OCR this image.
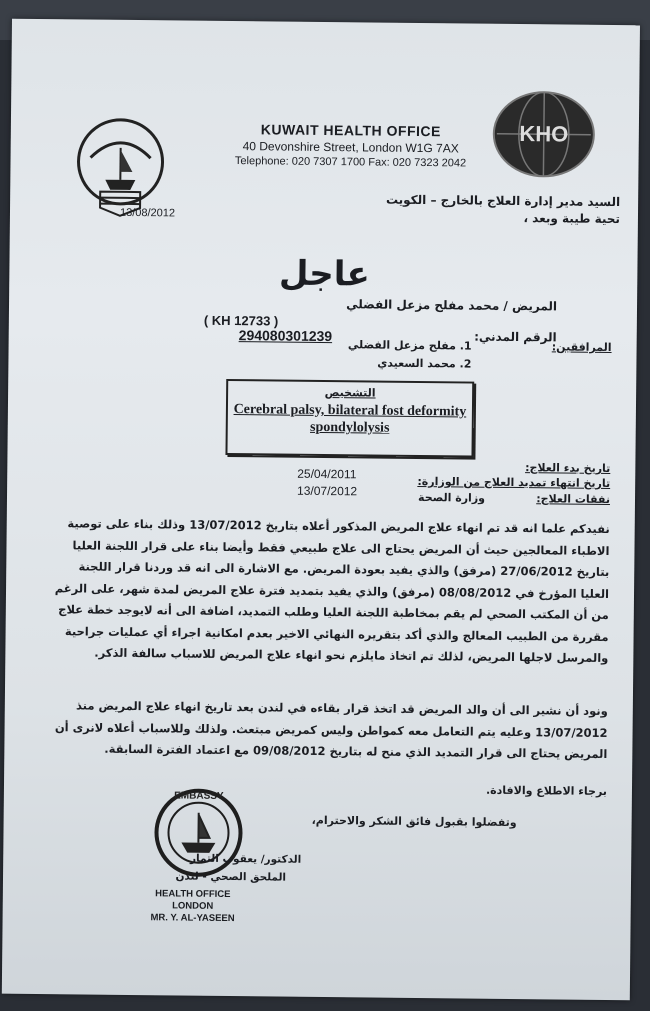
KHO
KUWAIT HEALTH OFFICE
40 Devonshire Street, London W1G 7AX
Telephone: 020 7307 1700 Fax: 020 7323 2042
السيد مدير إدارة العلاج بالخارج – الكويت
تحية طيبة وبعد ،
13/08/2012
عاجل
المريض / محمد مفلح مزعل الفضلي
( KH 12733 )
الرقم المدني:
294080301239
المرافقين:
1. مفلح مزعل الفضلي
2. محمد السعيدي
التشخيص
Cerebral palsy, bilateral fost deformity spondylolysis
تاريخ بدء العلاج:
25/04/2011
تاريخ انتهاء تمديد العلاج من الوزارة:
13/07/2012
نفقات العلاج:
وزارة الصحة
نفيدكم علما انه قد تم انهاء علاج المريض المذكور أعلاه بتاريخ 13/07/2012 وذلك بناء على توصية الاطباء المعالجين حيث أن المريض يحتاج الى علاج طبيعي فقط وأيضا بناء على قرار اللجنة العليا بتاريخ 27/06/2012 (مرفق) والذي يفيد بعودة المريض. مع الاشارة الى انه قد وردنا قرار اللجنة العليا المؤرخ في 08/08/2012 (مرفق) والذي يفيد بتمديد فترة علاج المريض لمدة شهر، على الرغم من أن المكتب الصحي لم يقم بمخاطبة اللجنة العليا وطلب التمديد، اضافة الى أنه لايوجد خطة علاج مقررة من الطبيب المعالج والذي أكد بتقريره النهائي الاخير بعدم امكانية اجراء أي عمليات جراحية والمرسل لاجلها المريض، لذلك تم اتخاذ مايلزم نحو انهاء علاج المريض للاسباب سالفة الذكر.
ونود أن نشير الى أن والد المريض قد اتخذ قرار بقاءه في لندن بعد تاريخ انهاء علاج المريض منذ 13/07/2012 وعليه يتم التعامل معه كمواطن وليس كمريض مبتعث. ولذلك وللاسباب أعلاه لانرى أن المريض يحتاج الى قرار التمديد الذي منح له بتاريخ 09/08/2012 مع اعتماد الفترة السابقة.
برجاء الاطلاع والافادة.
وتفضلوا بقبول فائق الشكر والاحترام،
EMBASSY
الدكتور/ يعقوب التمار
الملحق الصحي - لندن
HEALTH OFFICE
LONDON
MR. Y. AL-YASEEN
